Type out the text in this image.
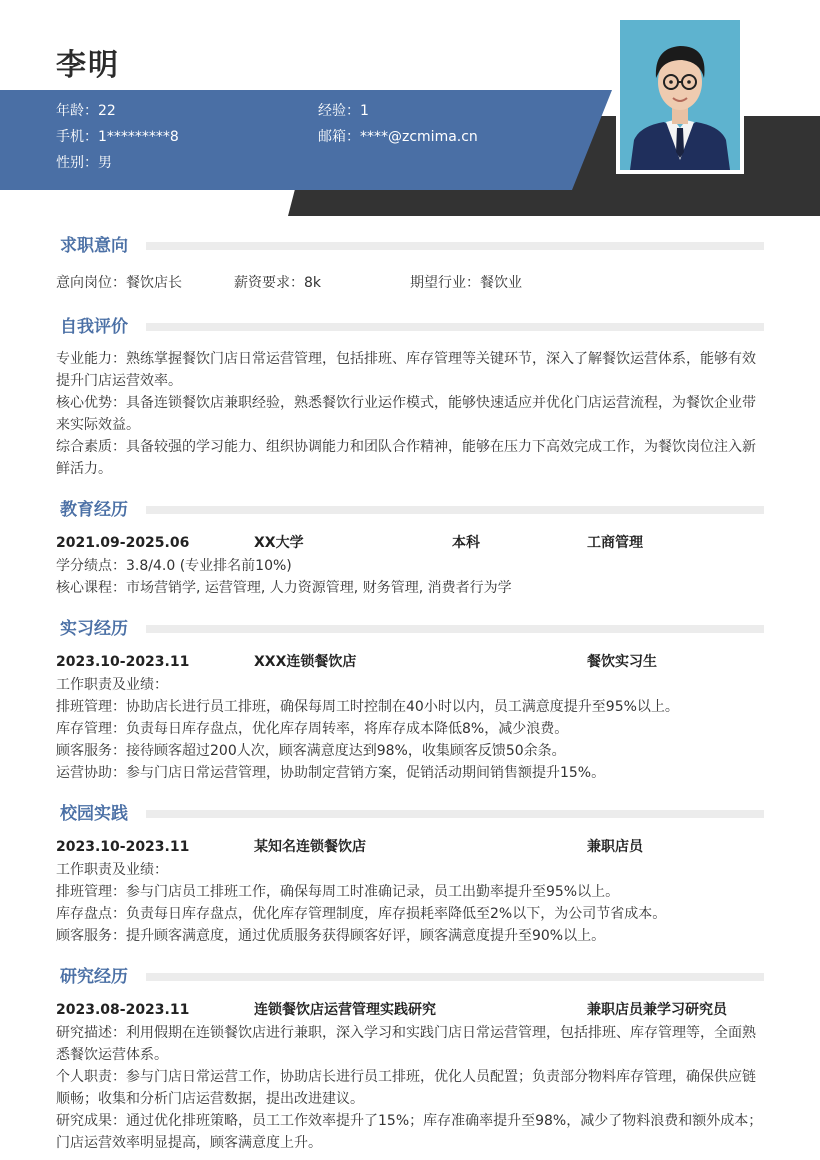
李明
年龄：22	经验：1
手机：1*********8	邮箱：****@zcmima.cn
性别：男
求职意向
意向岗位：餐饮店长	薪资要求：8k	期望行业：餐饮业
自我评价
专业能力：熟练掌握餐饮门店日常运营管理，包括排班、库存管理等关键环节，深入了解餐饮运营体系，能够有效提升门店运营效率。
核心优势：具备连锁餐饮店兼职经验，熟悉餐饮行业运作模式，能够快速适应并优化门店运营流程，为餐饮企业带来实际效益。
综合素质：具备较强的学习能力、组织协调能力和团队合作精神，能够在压力下高效完成工作，为餐饮岗位注入新鲜活力。
教育经历
2021.09-2025.06	XX大学	本科	工商管理
学分绩点：3.8/4.0 (专业排名前10%)
核心课程：市场营销学, 运营管理, 人力资源管理, 财务管理, 消费者行为学
实习经历
2023.10-2023.11	XXX连锁餐饮店	餐饮实习生
工作职责及业绩：
排班管理：协助店长进行员工排班，确保每周工时控制在40小时以内，员工满意度提升至95%以上。
库存管理：负责每日库存盘点，优化库存周转率，将库存成本降低8%，减少浪费。
顾客服务：接待顾客超过200人次，顾客满意度达到98%，收集顾客反馈50余条。
运营协助：参与门店日常运营管理，协助制定营销方案，促销活动期间销售额提升15%。
校园实践
2023.10-2023.11	某知名连锁餐饮店	兼职店员
工作职责及业绩：
排班管理：参与门店员工排班工作，确保每周工时准确记录，员工出勤率提升至95%以上。
库存盘点：负责每日库存盘点，优化库存管理制度，库存损耗率降低至2%以下，为公司节省成本。
顾客服务：提升顾客满意度，通过优质服务获得顾客好评，顾客满意度提升至90%以上。
研究经历
2023.08-2023.11	连锁餐饮店运营管理实践研究	兼职店员兼学习研究员
研究描述：利用假期在连锁餐饮店进行兼职，深入学习和实践门店日常运营管理，包括排班、库存管理等，全面熟悉餐饮运营体系。
个人职责：参与门店日常运营工作，协助店长进行员工排班，优化人员配置；负责部分物料库存管理，确保供应链顺畅；收集和分析门店运营数据，提出改进建议。
研究成果：通过优化排班策略，员工工作效率提升了15%；库存准确率提升至98%，减少了物料浪费和额外成本；门店运营效率明显提高，顾客满意度上升。
